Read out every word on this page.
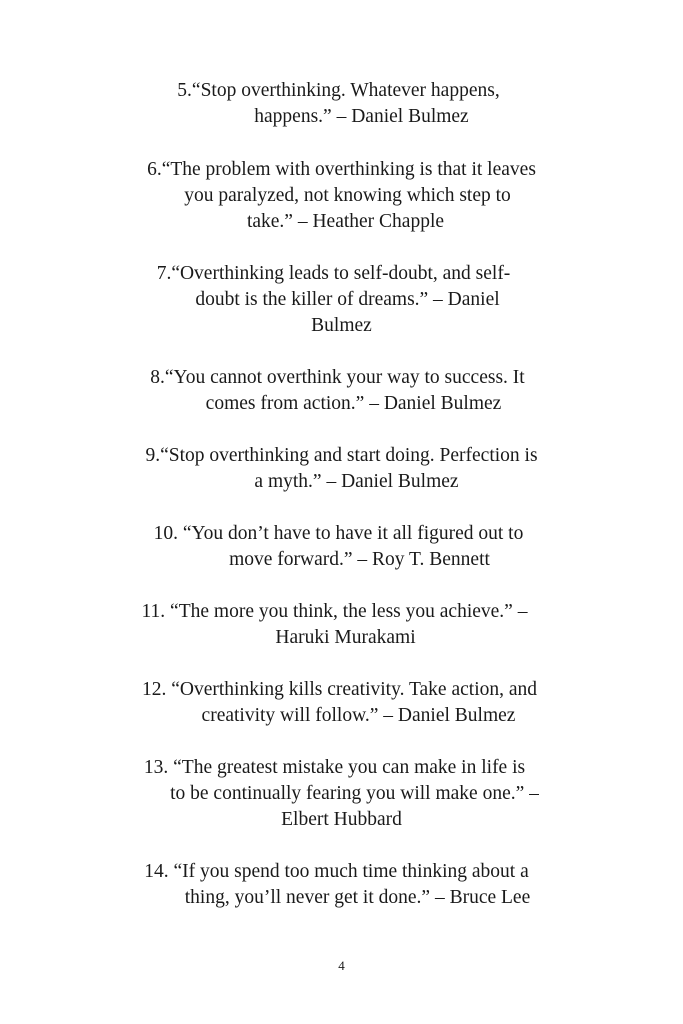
5.“Stop overthinking. Whatever happens,
happens.” – Daniel Bulmez

6.“The problem with overthinking is that it leaves
you paralyzed, not knowing which step to
take.” – Heather Chapple

7.“Overthinking leads to self-doubt, and self-
doubt is the killer of dreams.” – Daniel
Bulmez

8.“You cannot overthink your way to success. It
comes from action.” – Daniel Bulmez

9.“Stop overthinking and start doing. Perfection is
a myth.” – Daniel Bulmez

10. “You don’t have to have it all figured out to
move forward.” – Roy T. Bennett

11. “The more you think, the less you achieve.” –
Haruki Murakami

12. “Overthinking kills creativity. Take action, and
creativity will follow.” – Daniel Bulmez

13. “The greatest mistake you can make in life is
to be continually fearing you will make one.” –
Elbert Hubbard

14. “If you spend too much time thinking about a
thing, you’ll never get it done.” – Bruce Lee

4
